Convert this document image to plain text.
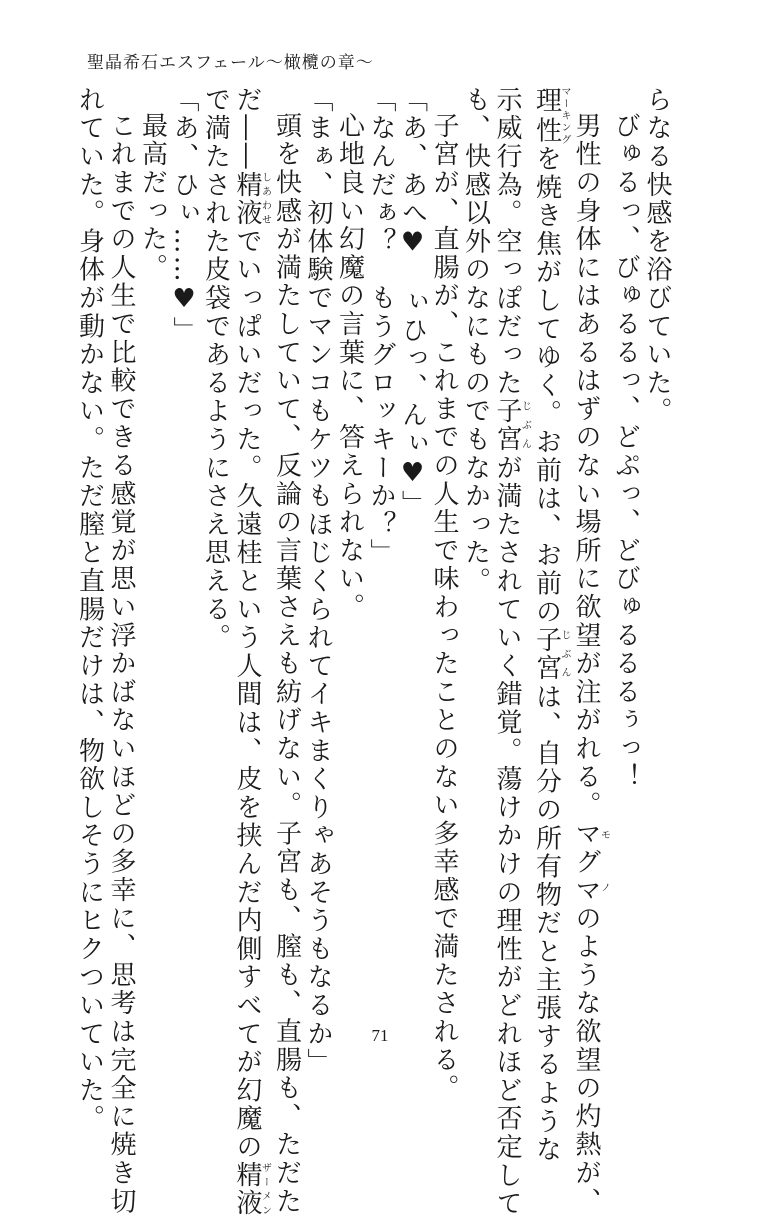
聖晶希石エスフェール〜橄欖の章〜
らなる快感を浴びていた。
びゅるっ、びゅるるっ、どぷっ、どびゅるるるぅっ！
男性の身体にはあるはずのない場所に欲望が注がれる。マグマモノのような欲望の灼熱が、
理性マーキングを焼き焦がしてゆく。お前は、お前の子宮じぶんは、自分の所有物だと主張するような
示威行為。空っぽだった子宮じぶんが満たされていく錯覚。蕩けかけの理性がどれほど否定して
も、快感以外のなにものでもなかった。
子宮が、直腸が、これまでの人生で味わったことのない多幸感で満たされる。
「あ、あへ♥　ぃひっ、んぃ♥」
「なんだぁ？　もうグロッキーか？」
心地良い幻魔の言葉に、答えられない。
「まぁ、初体験でマンコもケツもほじくられてイキまくりゃあそうもなるか」
頭を快感が満たしていて、反論の言葉さえも紡げない。子宮も、膣も、直腸も、ただた
だ――精液しあわせでいっぱいだった。久遠桂という人間は、皮を挟んだ内側すべてが幻魔の精液ザーメン
で満たされた皮袋であるようにさえ思える。
「あ、ひぃ……♥」
最高だった。
これまでの人生で比較できる感覚が思い浮かばないほどの多幸に、思考は完全に焼き切
れていた。身体が動かない。ただ膣と直腸だけは、物欲しそうにヒクついていた。	71
